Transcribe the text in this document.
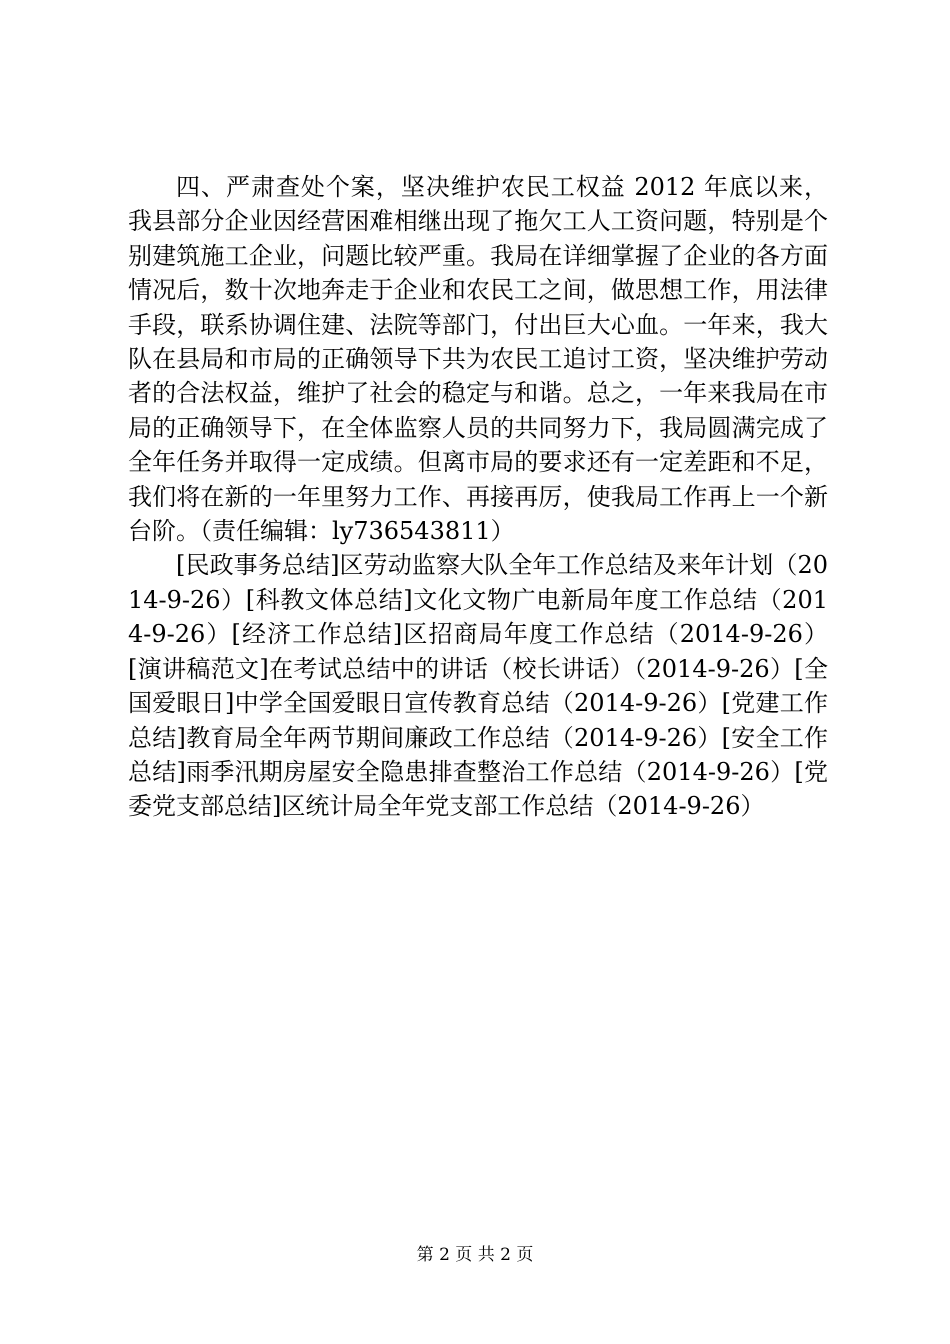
四、严肃查处个案，坚决维护农民工权益 2012 年底以来，我县部分企业因经营困难相继出现了拖欠工人工资问题，特别是个别建筑施工企业，问题比较严重。我局在详细掌握了企业的各方面情况后，数十次地奔走于企业和农民工之间，做思想工作，用法律手段，联系协调住建、法院等部门，付出巨大心血。一年来，我大队在县局和市局的正确领导下共为农民工追讨工资，坚决维护劳动者的合法权益，维护了社会的稳定与和谐。总之，一年来我局在市局的正确领导下，在全体监察人员的共同努力下，我局圆满完成了全年任务并取得一定成绩。但离市局的要求还有一定差距和不足，我们将在新的一年里努力工作、再接再厉，使我局工作再上一个新台阶。（责任编辑：ly736543811）

[民政事务总结]区劳动监察大队全年工作总结及来年计划（2014-9-26）[科教文体总结]文化文物广电新局年度工作总结（2014-9-26）[经济工作总结]区招商局年度工作总结（2014-9-26）[演讲稿范文]在考试总结中的讲话（校长讲话）（2014-9-26）[全国爱眼日]中学全国爱眼日宣传教育总结（2014-9-26）[党建工作总结]教育局全年两节期间廉政工作总结（2014-9-26）[安全工作总结]雨季汛期房屋安全隐患排查整治工作总结（2014-9-26）[党委党支部总结]区统计局全年党支部工作总结（2014-9-26）

第 2 页 共 2 页
